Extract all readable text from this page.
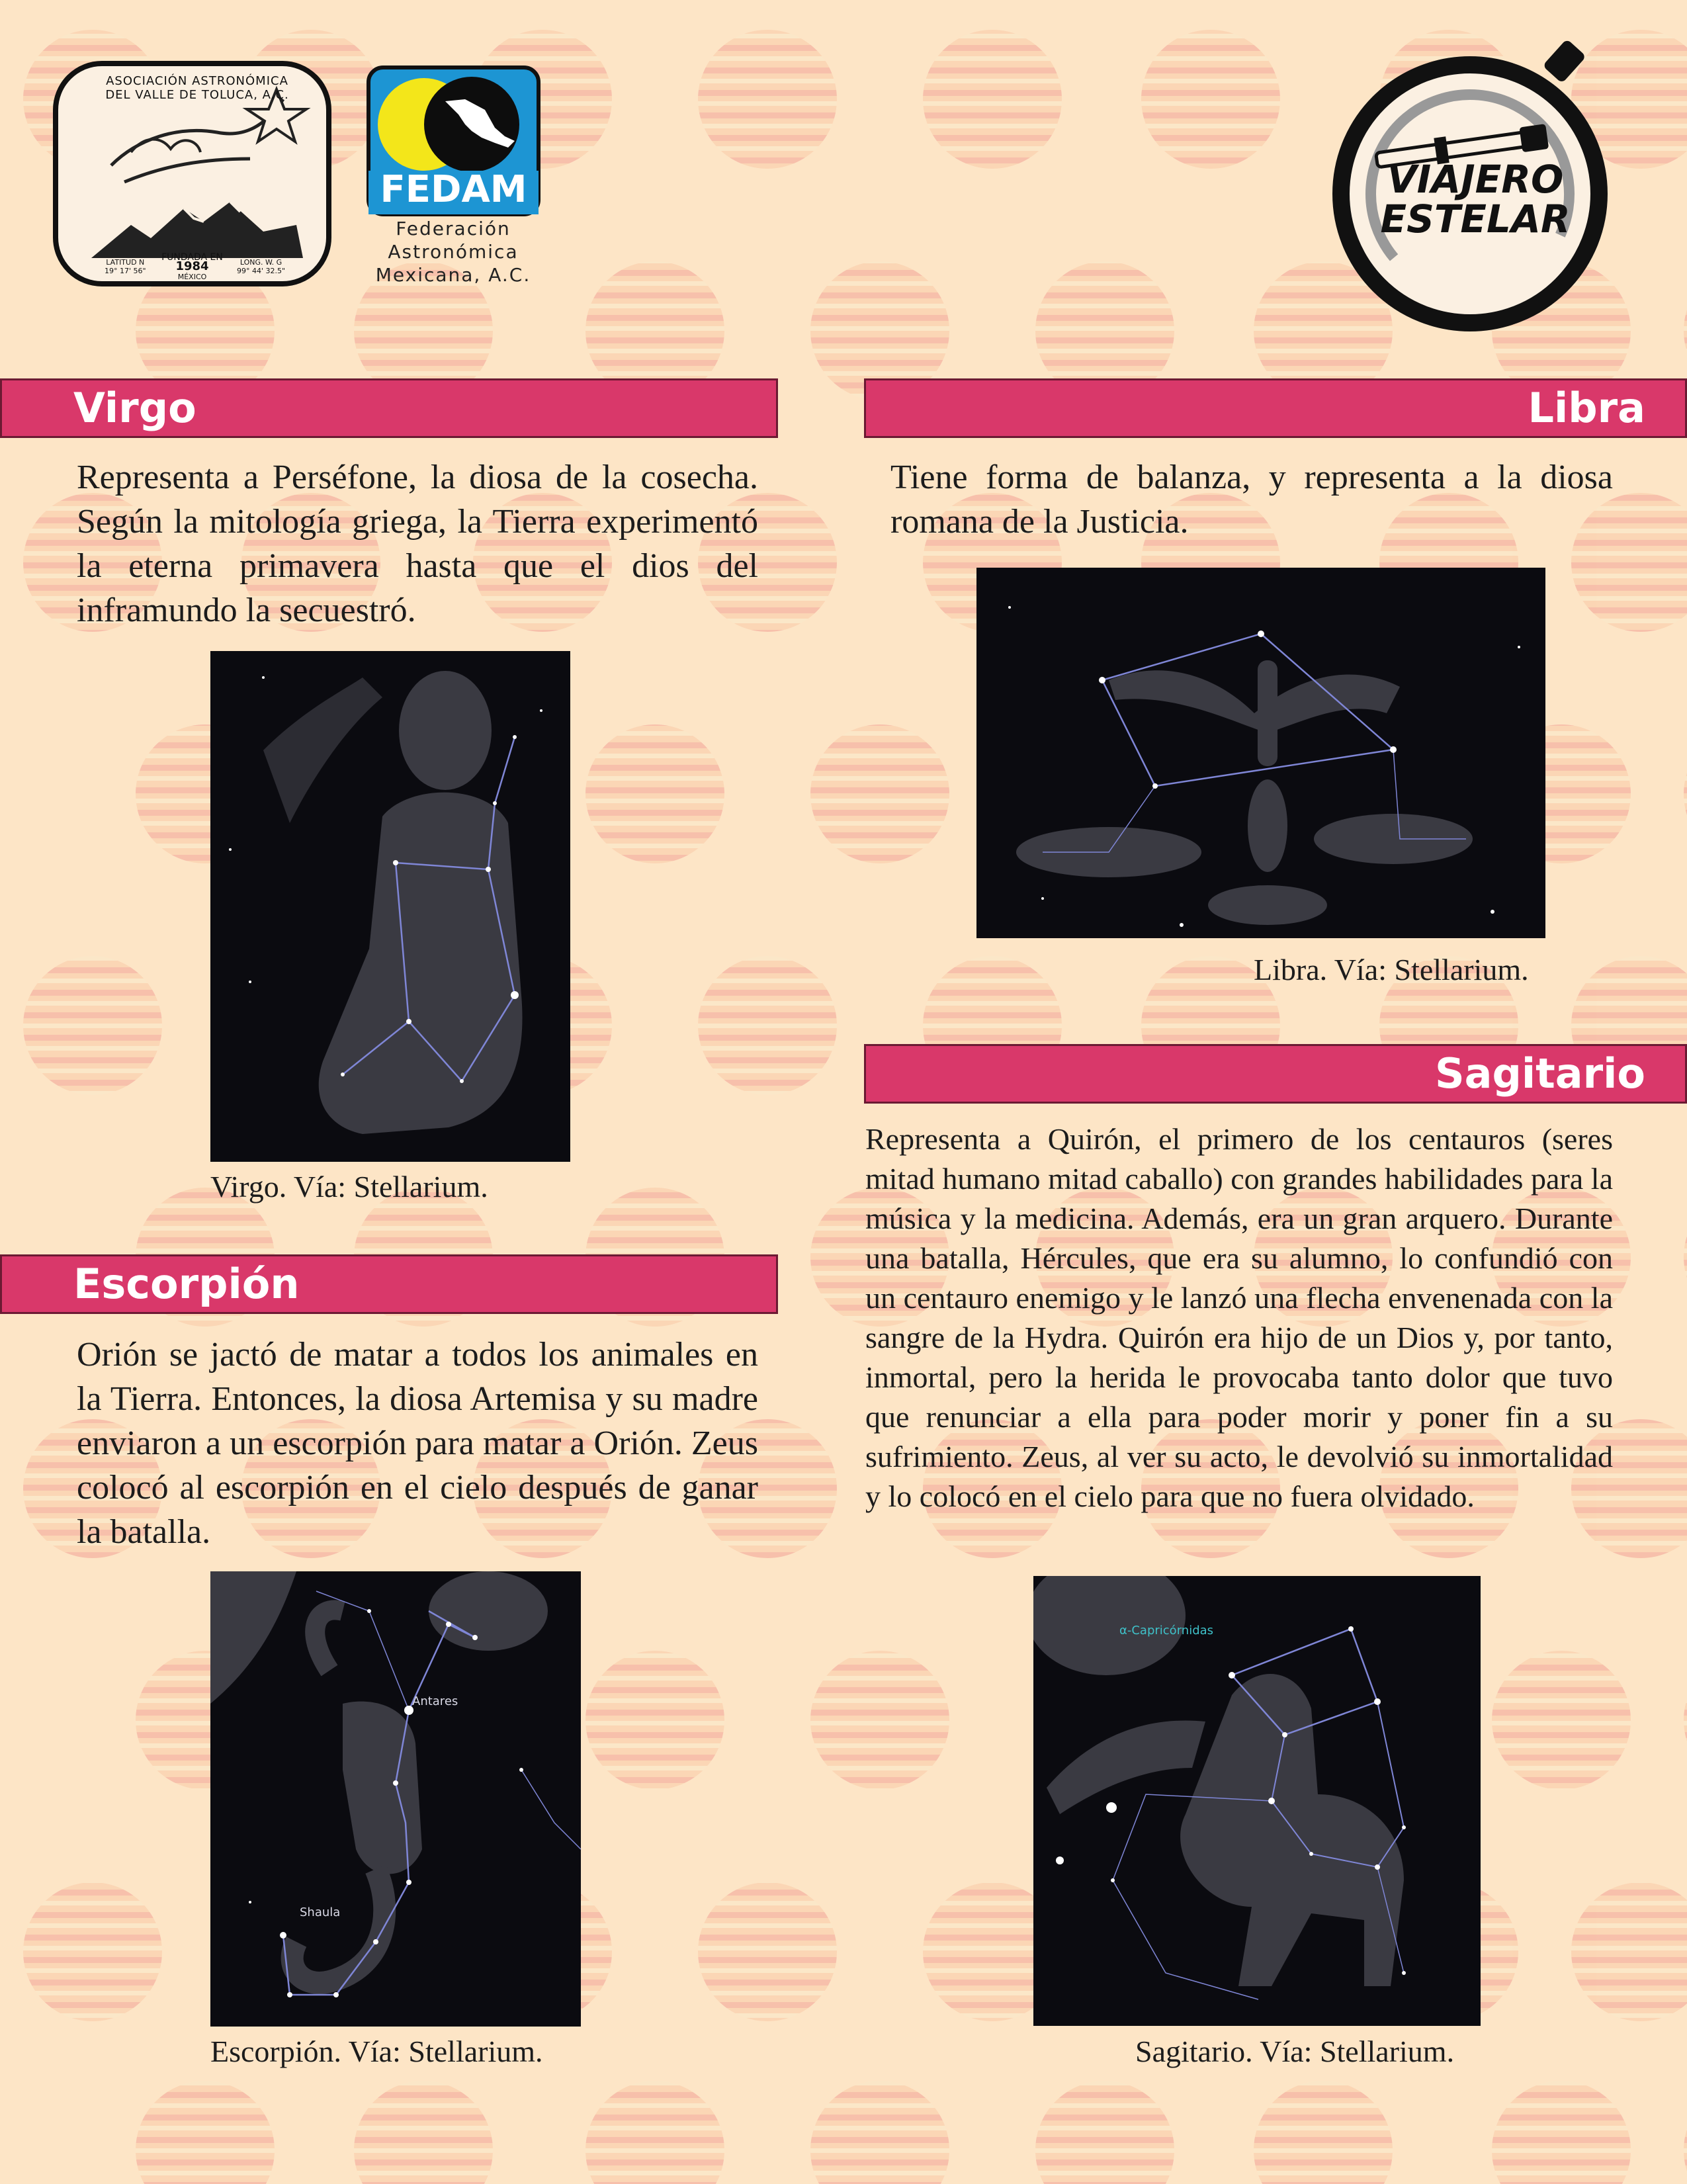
FUNDADA EN
1984
MÉXICO
LATITUD N
19° 17' 56"
LONG. W. G
99° 44' 32.5"
ASOCIACIÓN ASTRONÓMICA DEL VALLE DE TOLUCA, A.C.
FEDAM
Federación
Astronómica
Mexicana, A.C.
VIAJERO
ESTELAR
Virgo
Representa a Perséfone, la diosa de la cosecha. Según la mitología griega, la Tierra experimentó la eterna primavera hasta que el dios del inframundo la secuestró.
Virgo. Vía: Stellarium.
Libra
Tiene forma de balanza, y representa a la diosa romana de la Justicia.
Libra. Vía: Stellarium.
Sagitario
Representa a Quirón, el primero de los centauros (seres mitad humano mitad caballo) con grandes habilidades para la música y la medicina. Además, era un gran arquero. Durante una batalla, Hércules, que era su alumno, lo confundió con un centauro enemigo y le lanzó una flecha envenenada con la sangre de la Hydra. Quirón era hijo de un Dios y, por tanto, inmortal, pero la herida le provocaba tanto dolor que tuvo que renunciar a ella para poder morir y poner fin a su sufrimiento. Zeus, al ver su acto, le devolvió su inmortalidad y lo colocó en el cielo para que no fuera olvidado.
α-Capricórnidas
Sagitario. Vía: Stellarium.
Escorpión
Orión se jactó de matar a todos los animales en la Tierra. Entonces, la diosa Artemisa y su madre enviaron a un escorpión para matar a Orión. Zeus colocó al escorpión en el cielo después de ganar la batalla.
Antares
Shaula
Escorpión. Vía: Stellarium.
